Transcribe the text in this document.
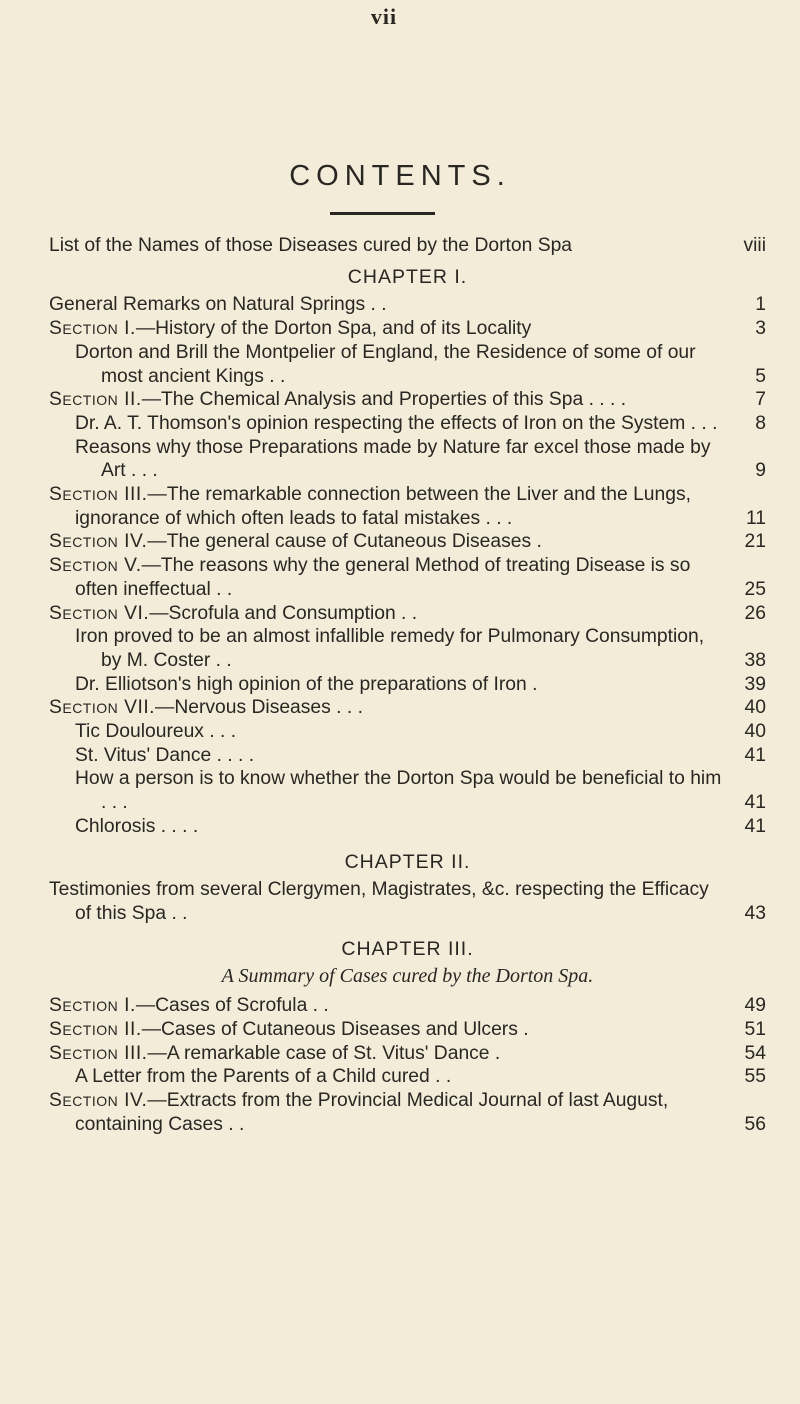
vii
CONTENTS.
List of the Names of those Diseases cured by the Dorton Spa	viii
CHAPTER I.
General Remarks on Natural Springs . .	1
Section I.—History of the Dorton Spa, and of its Locality	3
Dorton and Brill the Montpelier of England, the Residence of some of our most ancient Kings . .	5
Section II.—The Chemical Analysis and Properties of this Spa . . . .	7
Dr. A. T. Thomson's opinion respecting the effects of Iron on the System . . .	8
Reasons why those Preparations made by Nature far excel those made by Art . . .	9
Section III.—The remarkable connection between the Liver and the Lungs, ignorance of which often leads to fatal mistakes . . .	11
Section IV.—The general cause of Cutaneous Diseases .	21
Section V.—The reasons why the general Method of treating Disease is so often ineffectual . .	25
Section VI.—Scrofula and Consumption . .	26
Iron proved to be an almost infallible remedy for Pulmonary Consumption, by M. Coster . .	38
Dr. Elliotson's high opinion of the preparations of Iron .	39
Section VII.—Nervous Diseases . . .	40
Tic Douloureux . . .	40
St. Vitus' Dance . . . .	41
How a person is to know whether the Dorton Spa would be beneficial to him . . .	41
Chlorosis . . . .	41
CHAPTER II.
Testimonies from several Clergymen, Magistrates, &c. respecting the Efficacy of this Spa . .	43
CHAPTER III.
A Summary of Cases cured by the Dorton Spa.
Section I.—Cases of Scrofula . .	49
Section II.—Cases of Cutaneous Diseases and Ulcers .	51
Section III.—A remarkable case of St. Vitus' Dance .	54
A Letter from the Parents of a Child cured . .	55
Section IV.—Extracts from the Provincial Medical Journal of last August, containing Cases . .	56
